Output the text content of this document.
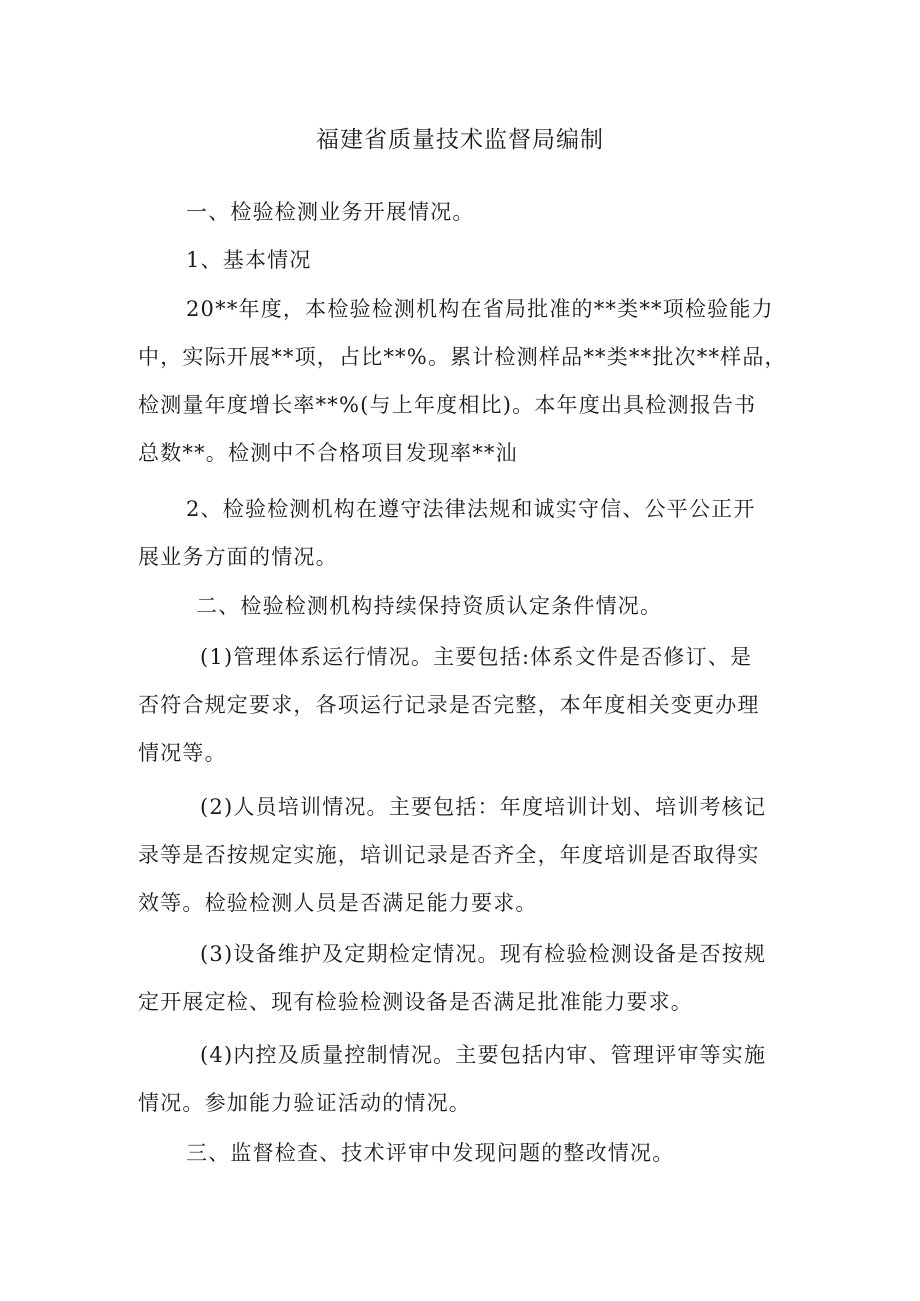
福建省质量技术监督局编制

一、检验检测业务开展情况。

1、基本情况

20**年度，本检验检测机构在省局批准的**类**项检验能力
中，实际开展**项，占比**%。累计检测样品**类**批次**样品，
检测量年度增长率**%(与上年度相比)。本年度出具检测报告书
总数**。检测中不合格项目发现率**汕

2、检验检测机构在遵守法律法规和诚实守信、公平公正开
展业务方面的情况。

二、检验检测机构持续保持资质认定条件情况。

(1)管理体系运行情况。主要包括:体系文件是否修订、是
否符合规定要求，各项运行记录是否完整，本年度相关变更办理
情况等。

(2)人员培训情况。主要包括：年度培训计划、培训考核记
录等是否按规定实施，培训记录是否齐全，年度培训是否取得实
效等。检验检测人员是否满足能力要求。

(3)设备维护及定期检定情况。现有检验检测设备是否按规
定开展定检、现有检验检测设备是否满足批准能力要求。

(4)内控及质量控制情况。主要包括内审、管理评审等实施
情况。参加能力验证活动的情况。

三、监督检查、技术评审中发现问题的整改情况。
